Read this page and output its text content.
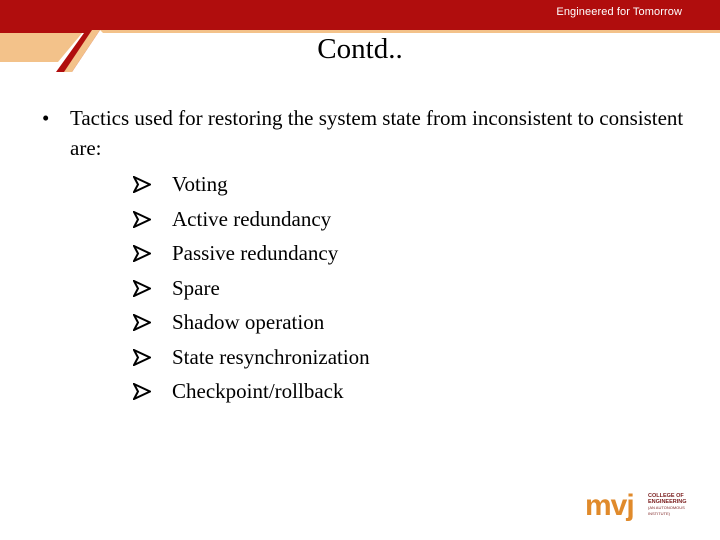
Engineered for Tomorrow
Contd..
• Tactics used for restoring the system state from inconsistent to consistent are:
Voting
Active redundancy
Passive redundancy
Spare
Shadow operation
State resynchronization
Checkpoint/rollback
mvj	COLLEGE OF
ENGINEERING
(AN AUTONOMOUS INSTITUTE)
